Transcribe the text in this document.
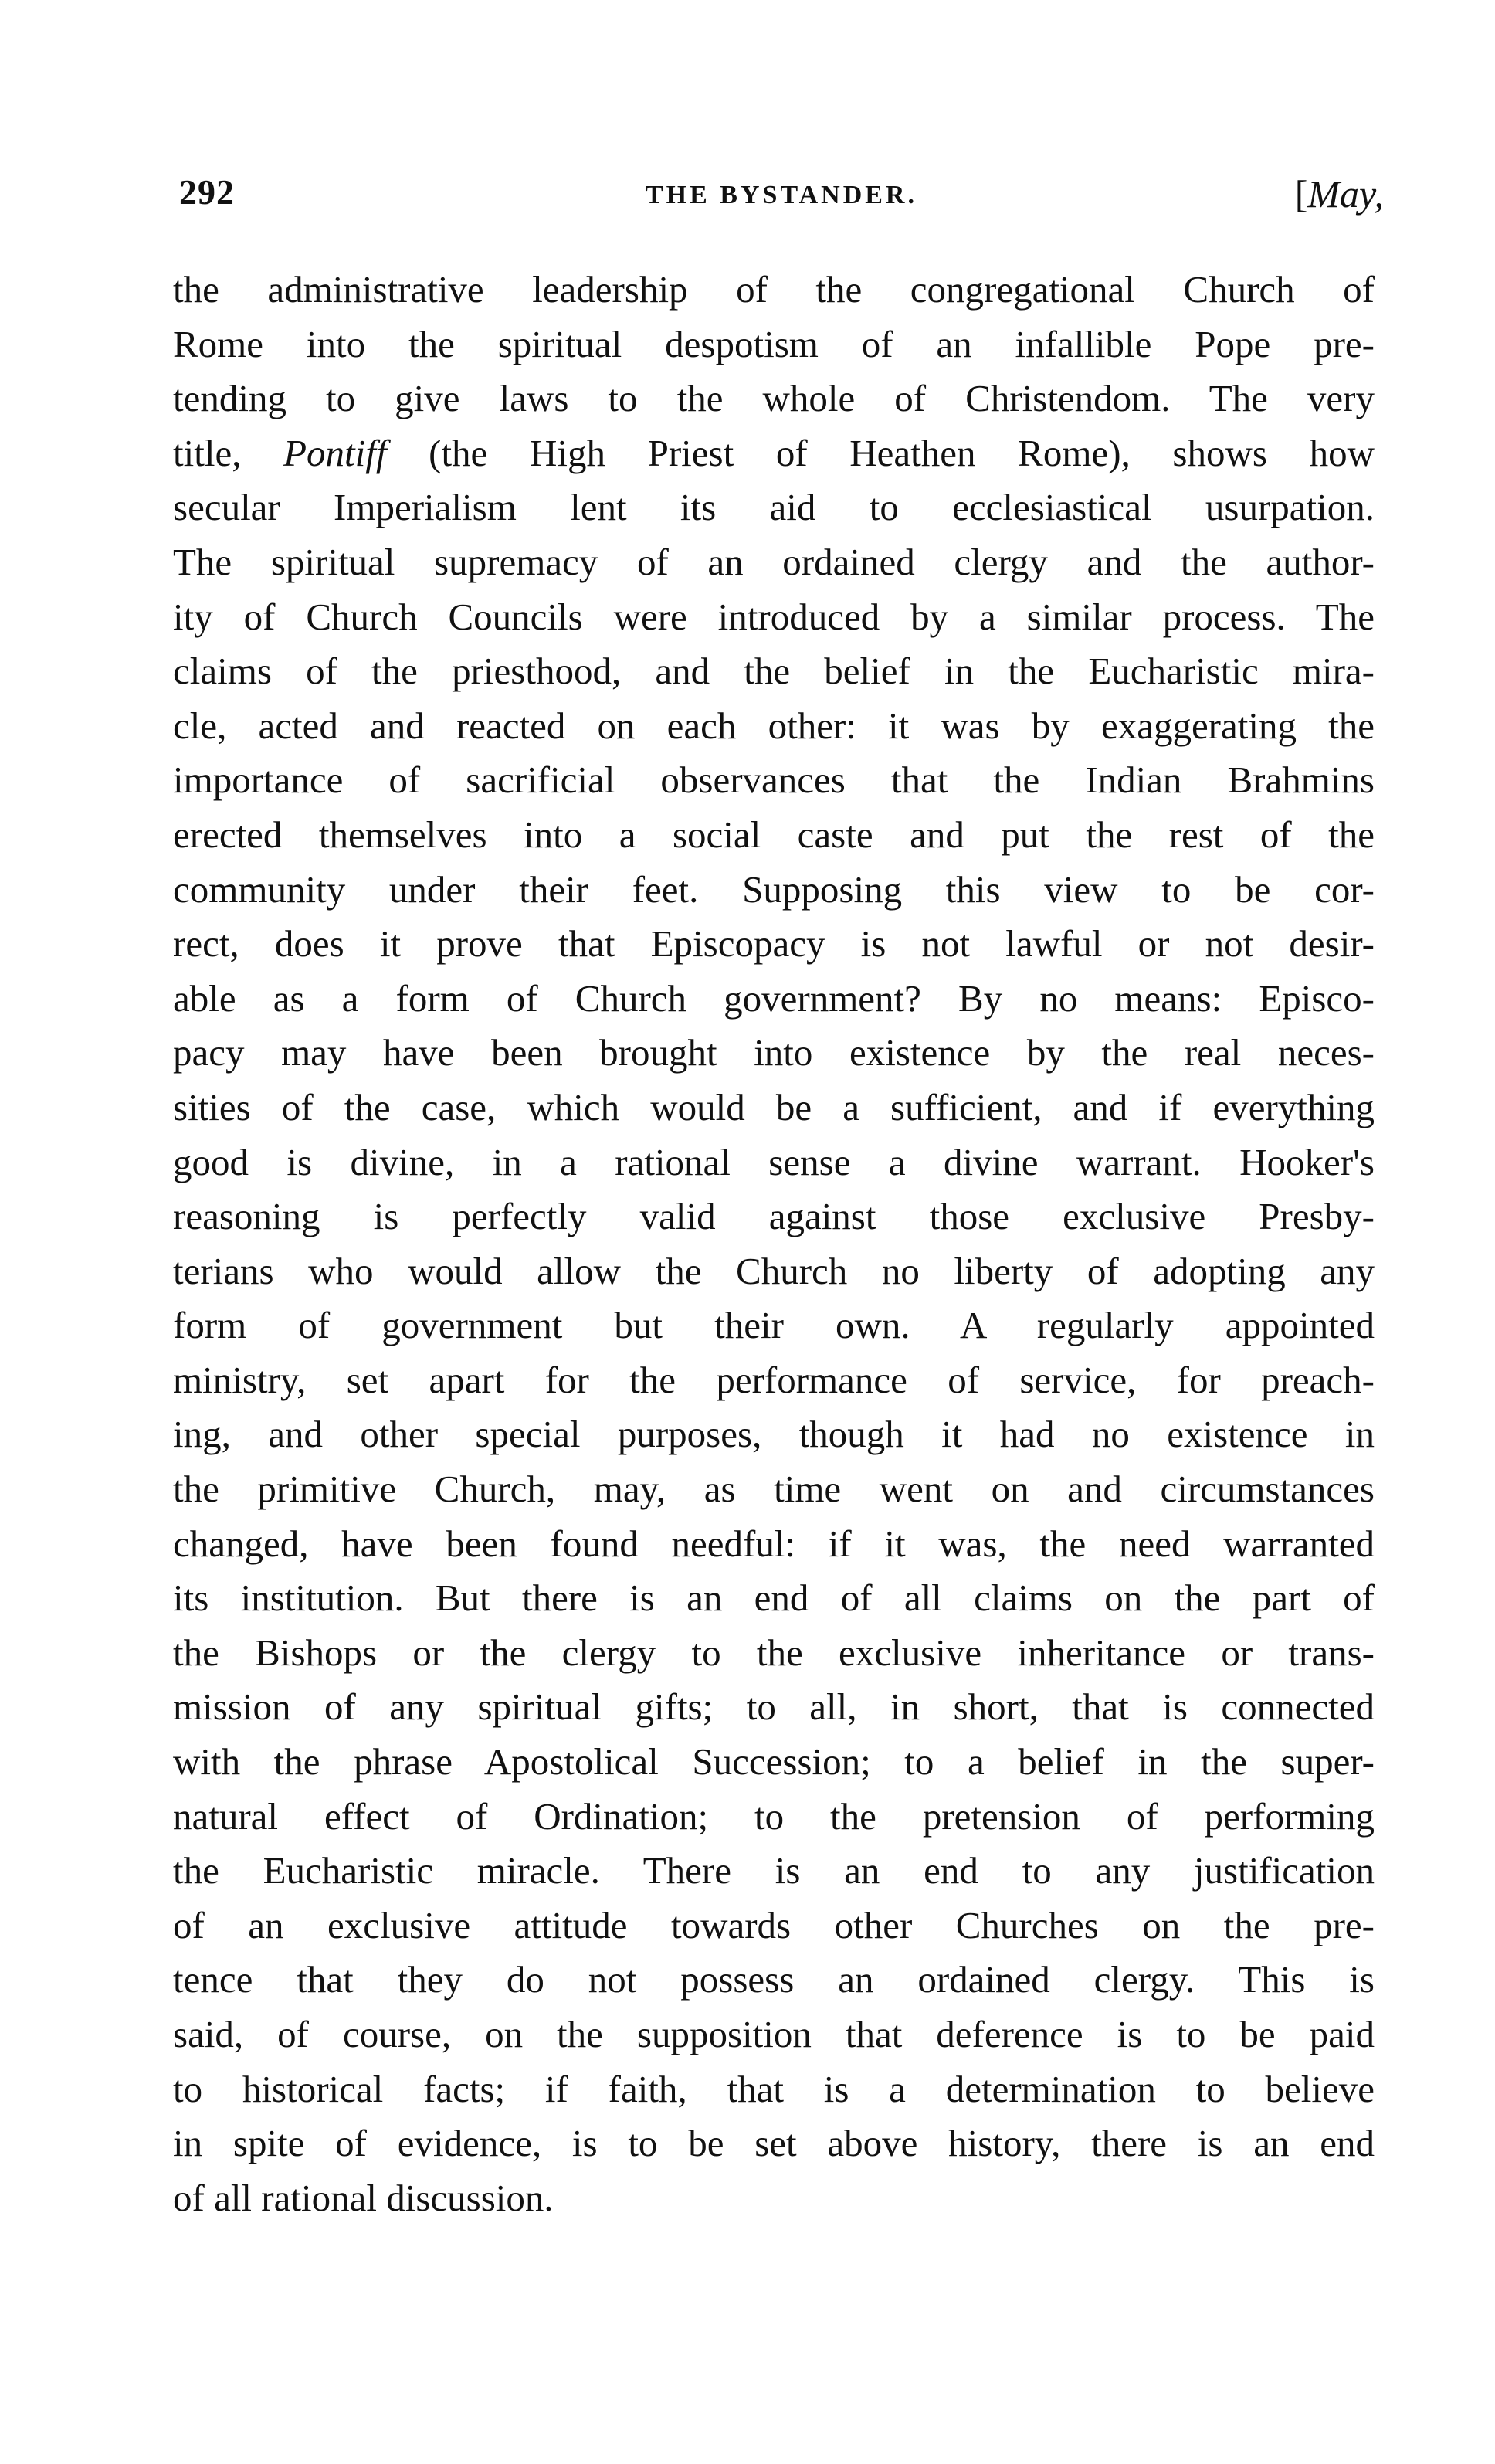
292	THE BYSTANDER.	[May,
the administrative leadership of the congregational Church of
Rome into the spiritual despotism of an infallible Pope pre-
tending to give laws to the whole of Christendom. The very
title, Pontiff (the High Priest of Heathen Rome), shows how
secular Imperialism lent its aid to ecclesiastical usurpation.
The spiritual supremacy of an ordained clergy and the author-
ity of Church Councils were introduced by a similar process. The
claims of the priesthood, and the belief in the Eucharistic mira-
cle, acted and reacted on each other: it was by exaggerating the
importance of sacrificial observances that the Indian Brahmins
erected themselves into a social caste and put the rest of the
community under their feet. Supposing this view to be cor-
rect, does it prove that Episcopacy is not lawful or not desir-
able as a form of Church government? By no means: Episco-
pacy may have been brought into existence by the real neces-
sities of the case, which would be a sufficient, and if everything
good is divine, in a rational sense a divine warrant. Hooker's
reasoning is perfectly valid against those exclusive Presby-
terians who would allow the Church no liberty of adopting any
form of government but their own. A regularly appointed
ministry, set apart for the performance of service, for preach-
ing, and other special purposes, though it had no existence in
the primitive Church, may, as time went on and circumstances
changed, have been found needful: if it was, the need warranted
its institution. But there is an end of all claims on the part of
the Bishops or the clergy to the exclusive inheritance or trans-
mission of any spiritual gifts; to all, in short, that is connected
with the phrase Apostolical Succession; to a belief in the super-
natural effect of Ordination; to the pretension of performing
the Eucharistic miracle. There is an end to any justification
of an exclusive attitude towards other Churches on the pre-
tence that they do not possess an ordained clergy. This is
said, of course, on the supposition that deference is to be paid
to historical facts; if faith, that is a determination to believe
in spite of evidence, is to be set above history, there is an end
of all rational discussion.
